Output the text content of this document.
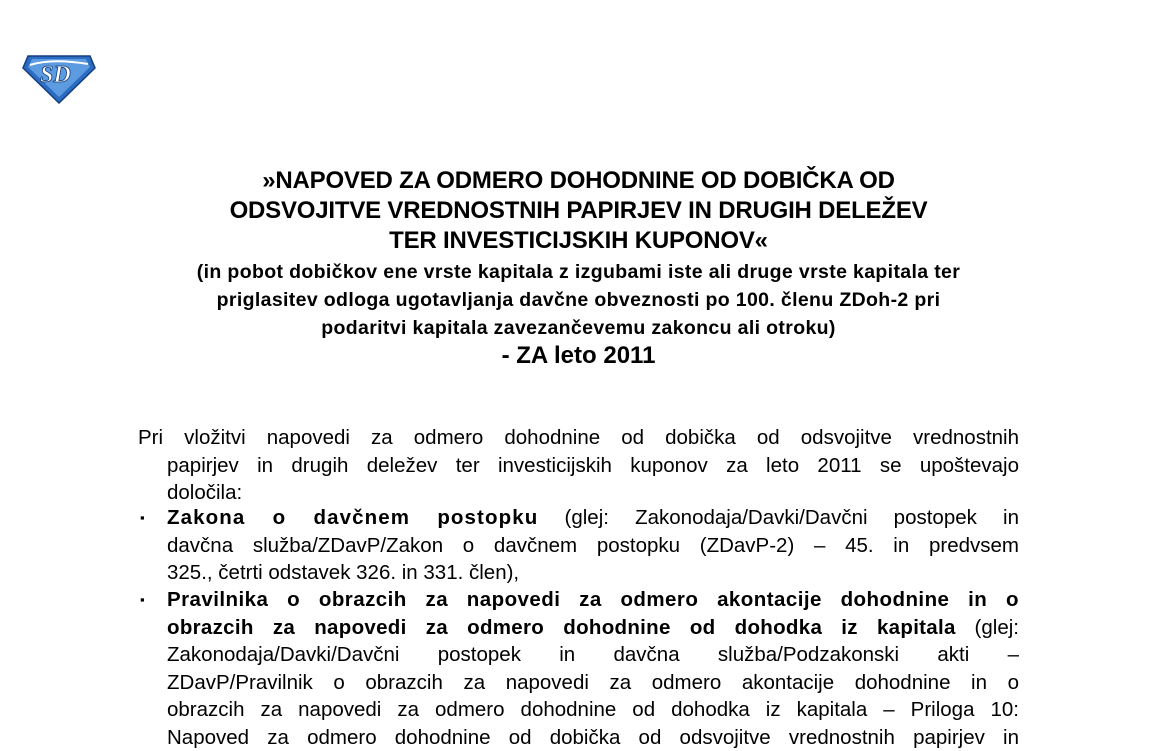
SD
»NAPOVED ZA ODMERO DOHODNINE OD DOBIČKA OD
ODSVOJITVE VREDNOSTNIH PAPIRJEV IN DRUGIH DELEŽEV
TER INVESTICIJSKIH KUPONOV«
(in pobot dobičkov ene vrste kapitala z izgubami iste ali druge vrste kapitala ter
priglasitev odloga ugotavljanja davčne obveznosti po 100. členu ZDoh-2 pri
podaritvi kapitala zavezančevemu zakoncu ali otroku)
- ZA leto 2011
Pri vložitvi napovedi za odmero dohodnine od dobička od odsvojitve vrednostnih
papirjev in drugih deležev ter investicijskih kuponov za leto 2011 se upoštevajo
določila:
▪	Zakona o davčnem postopku (glej: Zakonodaja/Davki/Davčni postopek in
davčna služba/ZDavP/Zakon o davčnem postopku (ZDavP-2) – 45. in predvsem
325., četrti odstavek 326. in 331. člen),
▪	Pravilnika o obrazcih za napovedi za odmero akontacije dohodnine in o
obrazcih za napovedi za odmero dohodnine od dohodka iz kapitala (glej:
Zakonodaja/Davki/Davčni postopek in davčna služba/Podzakonski akti –
ZDavP/Pravilnik o obrazcih za napovedi za odmero akontacije dohodnine in o
obrazcih za napovedi za odmero dohodnine od dohodka iz kapitala – Priloga 10:
Napoved za odmero dohodnine od dobička od odsvojitve vrednostnih papirjev in
